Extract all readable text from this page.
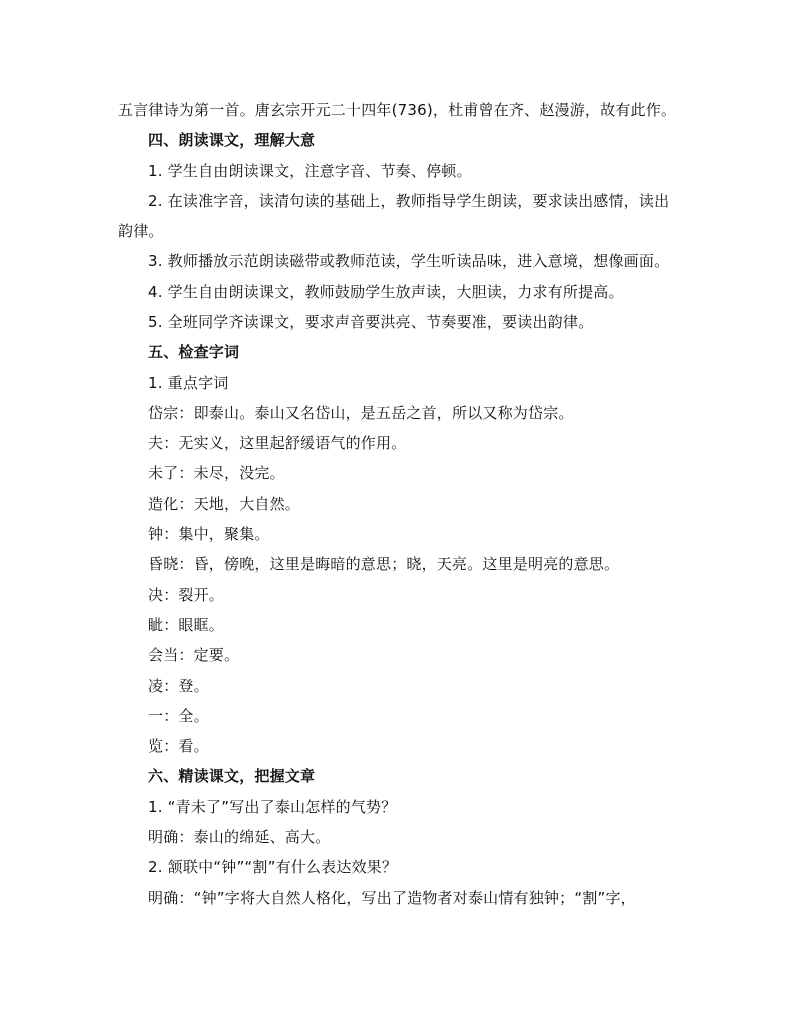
五言律诗为第一首。唐玄宗开元二十四年(736)，杜甫曾在齐、赵漫游，故有此作。
四、朗读课文，理解大意
1. 学生自由朗读课文，注意字音、节奏、停顿。
2. 在读准字音，读清句读的基础上，教师指导学生朗读，要求读出感情，读出
韵律。
3. 教师播放示范朗读磁带或教师范读，学生听读品味，进入意境，想像画面。
4. 学生自由朗读课文，教师鼓励学生放声读，大胆读，力求有所提高。
5. 全班同学齐读课文，要求声音要洪亮、节奏要准，要读出韵律。
五、检查字词
1. 重点字词
岱宗：即泰山。泰山又名岱山，是五岳之首，所以又称为岱宗。
夫：无实义，这里起舒缓语气的作用。
未了：未尽，没完。
造化：天地，大自然。
钟：集中，聚集。
昏晓：昏，傍晚，这里是晦暗的意思；晓，天亮。这里是明亮的意思。
决：裂开。
眦：眼眶。
会当：定要。
凌：登。
一：全。
览：看。
六、精读课文，把握文章
1. “青未了”写出了泰山怎样的气势？
明确：泰山的绵延、高大。
2. 颔联中“钟”“割”有什么表达效果？
明确：“钟”字将大自然人格化，写出了造物者对泰山情有独钟；“割”字，
